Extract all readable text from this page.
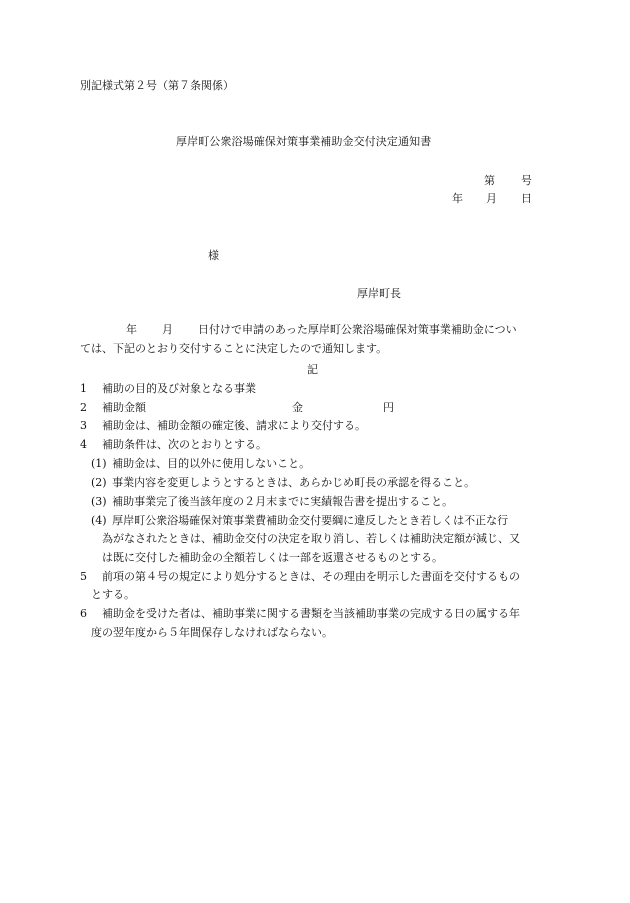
別記様式第２号（第７条関係）
厚岸町公衆浴場確保対策事業補助金交付決定通知書
第 号
年 月 日
様
厚岸町長
年 月 日付けで申請のあった厚岸町公衆浴場確保対策事業補助金につい
ては、下記のとおり交付することに決定したので通知します。
記
1 補助の目的及び対象となる事業
2 補助金額	金	円
3 補助金は、補助金額の確定後、請求により交付する。
4 補助条件は、次のとおりとする。
(1) 補助金は、目的以外に使用しないこと。
(2) 事業内容を変更しようとするときは、あらかじめ町長の承認を得ること。
(3) 補助事業完了後当該年度の２月末までに実績報告書を提出すること。
(4) 厚岸町公衆浴場確保対策事業費補助金交付要綱に違反したとき若しくは不正な行
為がなされたときは、補助金交付の決定を取り消し、若しくは補助決定額が減じ、又
は既に交付した補助金の全額若しくは一部を返還させるものとする。
5 前項の第４号の規定により処分するときは、その理由を明示した書面を交付するもの
とする。
6 補助金を受けた者は、補助事業に関する書類を当該補助事業の完成する日の属する年
度の翌年度から５年間保存しなければならない。
